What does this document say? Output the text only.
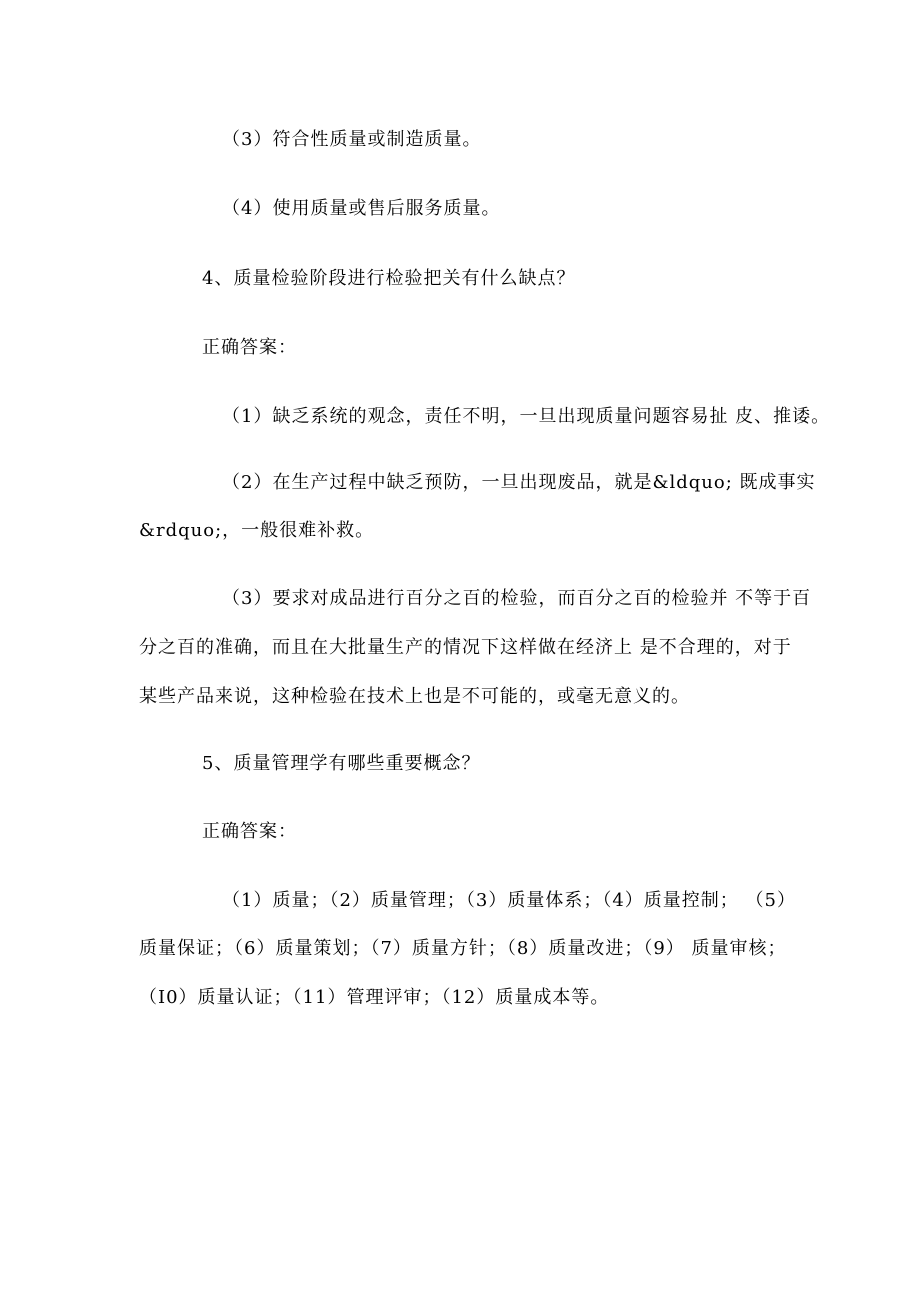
（3）符合性质量或制造质量。

（4）使用质量或售后服务质量。

4、质量检验阶段进行检验把关有什么缺点？

正确答案：

（1）缺乏系统的观念，责任不明，一旦出现质量问题容易扯 皮、推诿。

（2）在生产过程中缺乏预防，一旦出现废品，就是&ldquo; 既成事实

&rdquo;，一般很难补救。

（3）要求对成品进行百分之百的检验，而百分之百的检验并 不等于百

分之百的准确，而且在大批量生产的情况下这样做在经济上 是不合理的，对于

某些产品来说，这种检验在技术上也是不可能的，或毫无意义的。

5、质量管理学有哪些重要概念？

正确答案：

（1）质量；（2）质量管理；（3）质量体系；（4）质量控制； （5）

质量保证；（6）质量策划；（7）质量方针；（8）质量改进；（9） 质量审核；

（I0）质量认证；（11）管理评审；（12）质量成本等。
